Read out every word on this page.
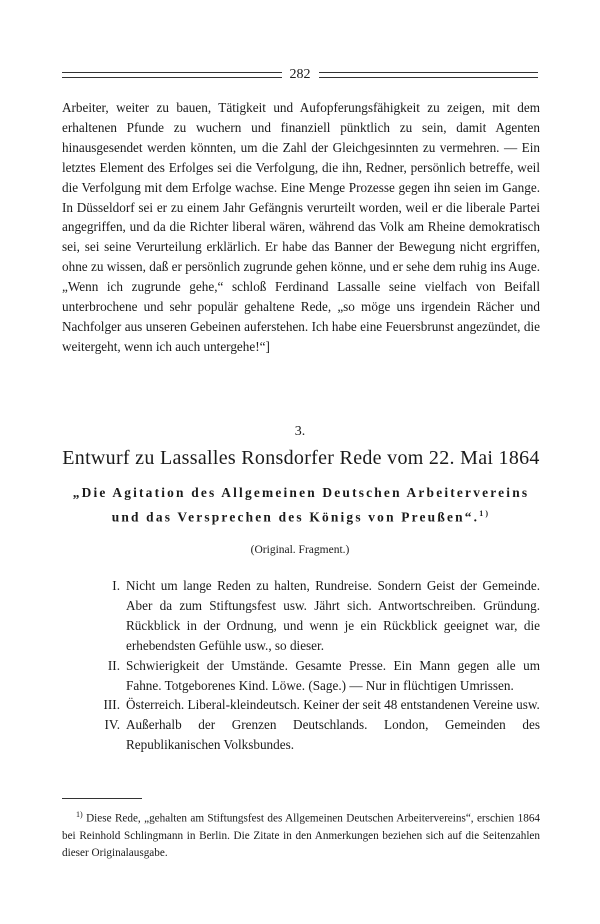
282

Arbeiter, weiter zu bauen, Tätigkeit und Aufopferungsfähigkeit zu zeigen, mit dem erhaltenen Pfunde zu wuchern und finanziell pünktlich zu sein, damit Agenten hinausgesendet werden könnten, um die Zahl der Gleichgesinnten zu vermehren. — Ein letztes Element des Erfolges sei die Verfolgung, die ihn, Redner, persönlich betreffe, weil die Verfolgung mit dem Erfolge wachse. Eine Menge Prozesse gegen ihn seien im Gange. In Düsseldorf sei er zu einem Jahr Gefängnis verurteilt worden, weil er die liberale Partei angegriffen, und da die Richter liberal wären, während das Volk am Rheine demokratisch sei, sei seine Verurteilung erklärlich. Er habe das Banner der Bewegung nicht ergriffen, ohne zu wissen, daß er persönlich zugrunde gehen könne, und er sehe dem ruhig ins Auge. „Wenn ich zugrunde gehe,“ schloß Ferdinand Lassalle seine vielfach von Beifall unterbrochene und sehr populär gehaltene Rede, „so möge uns irgendein Rächer und Nachfolger aus unseren Gebeinen auferstehen. Ich habe eine Feuersbrunst angezündet, die weitergeht, wenn ich auch untergehe!“]

3.
Entwurf zu Lassalles Ronsdorfer Rede vom 22. Mai 1864
„Die Agitation des Allgemeinen Deutschen Arbeitervereins und das Versprechen des Königs von Preußen“.$^{1)}$
(Original. Fragment.)
I. Nicht um lange Reden zu halten, Rundreise. Sondern Geist der Gemeinde. Aber da zum Stiftungsfest usw. Jährt sich. Antwortschreiben. Gründung. Rückblick in der Ordnung, und wenn je ein Rückblick geeignet war, die erhebendsten Gefühle usw., so dieser.
II. Schwierigkeit der Umstände. Gesamte Presse. Ein Mann gegen alle um Fahne. Totgeborenes Kind. Löwe. (Sage.) — Nur in flüchtigen Umrissen.
III. Österreich. Liberal-kleindeutsch. Keiner der seit 48 entstandenen Vereine usw.
IV. Außerhalb der Grenzen Deutschlands. London, Gemeinden des Republikanischen Volksbundes.
$^{1)}$ Diese Rede, „gehalten am Stiftungsfest des Allgemeinen Deutschen Arbeitervereins“, erschien 1864 bei Reinhold Schlingmann in Berlin. Die Zitate in den Anmerkungen beziehen sich auf die Seitenzahlen dieser Originalausgabe.
